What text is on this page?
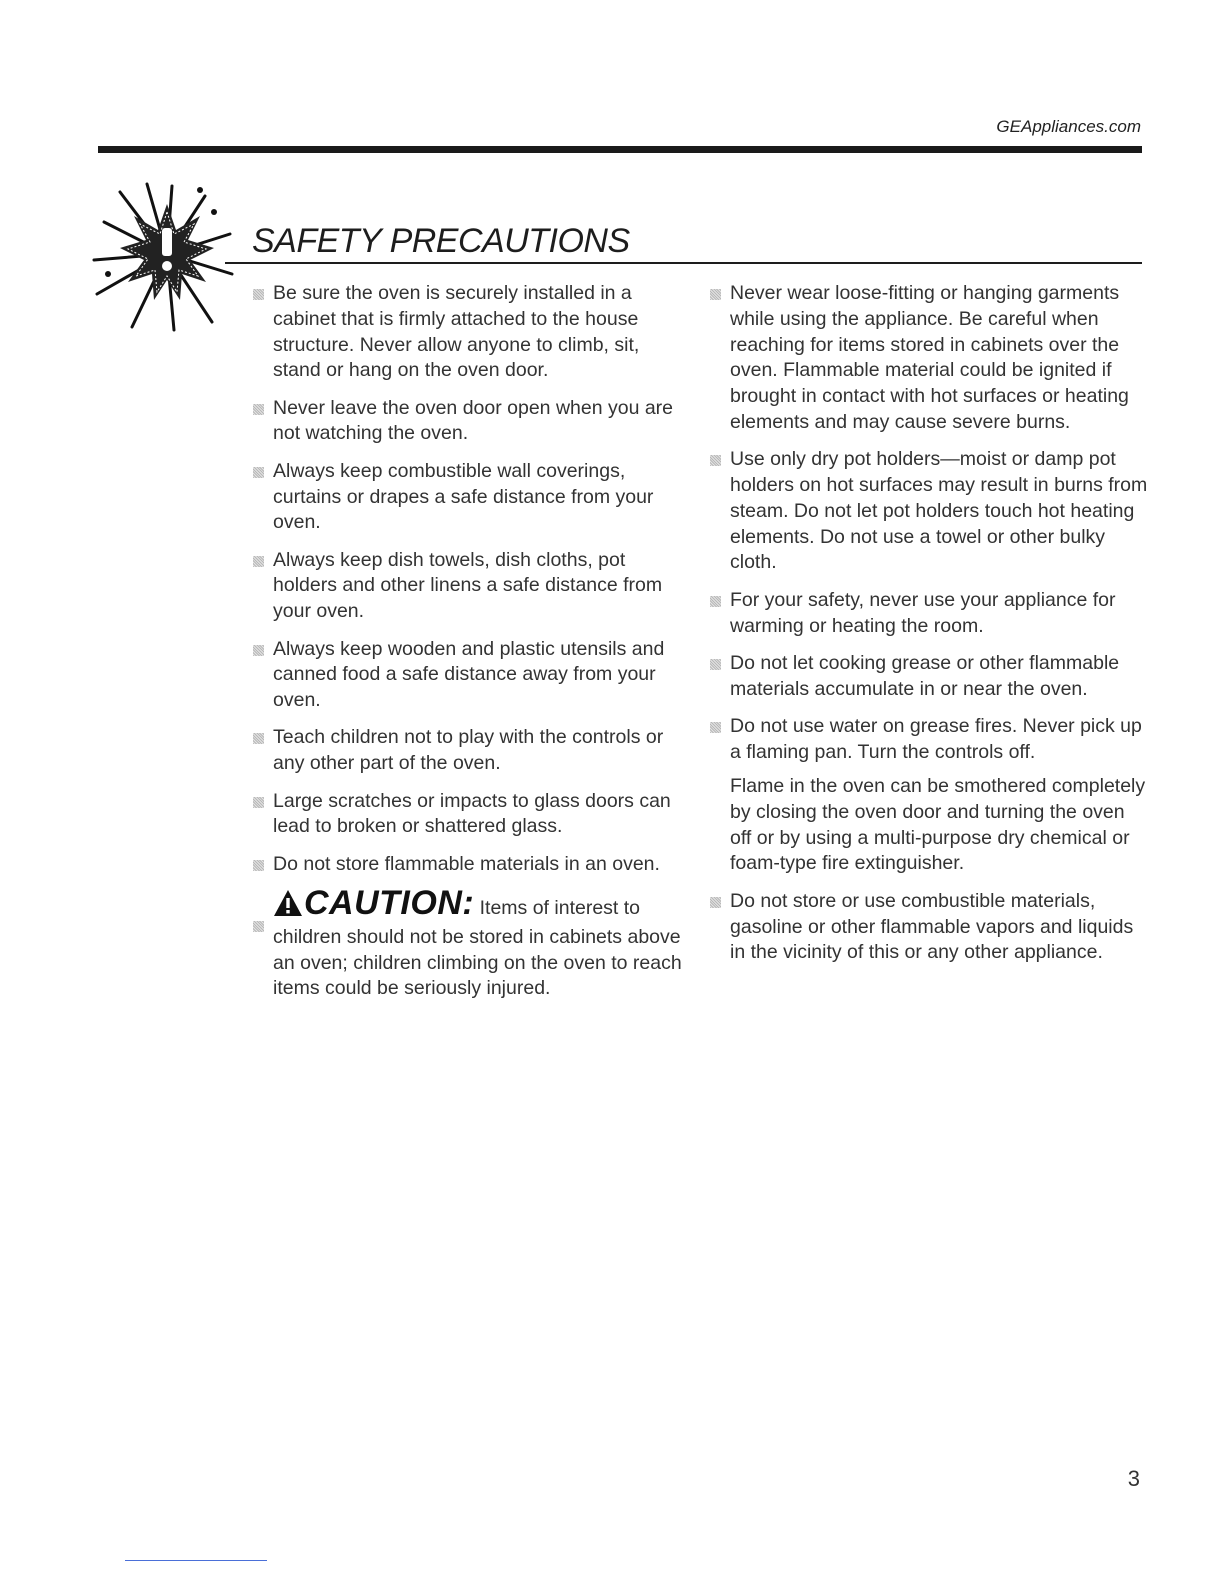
GEAppliances.com
SAFETY PRECAUTIONS
Be sure the oven is securely installed in a cabinet that is firmly attached to the house structure. Never allow anyone to climb, sit, stand or hang on the oven door.
Never leave the oven door open when you are not watching the oven.
Always keep combustible wall coverings, curtains or drapes a safe distance from your oven.
Always keep dish towels, dish cloths, pot holders and other linens a safe distance from your oven.
Always keep wooden and plastic utensils and canned food a safe distance away from your oven.
Teach children not to play with the controls or any other part of the oven.
Large scratches or impacts to glass doors can lead to broken or shattered glass.
Do not store flammable materials in an oven.
CAUTION: Items of interest to children should not be stored in cabinets above an oven; children climbing on the oven to reach items could be seriously injured.
Never wear loose-fitting or hanging garments while using the appliance. Be careful when reaching for items stored in cabinets over the oven. Flammable material could be ignited if brought in contact with hot surfaces or heating elements and may cause severe burns.
Use only dry pot holders—moist or damp pot holders on hot surfaces may result in burns from steam. Do not let pot holders touch hot heating elements. Do not use a towel or other bulky cloth.
For your safety, never use your appliance for warming or heating the room.
Do not let cooking grease or other flammable materials accumulate in or near the oven.
Do not use water on grease fires. Never pick up a flaming pan. Turn the controls off.
Flame in the oven can be smothered completely by closing the oven door and turning the oven off or by using a multi-purpose dry chemical or foam-type fire extinguisher.
Do not store or use combustible materials, gasoline or other flammable vapors and liquids in the vicinity of this or any other appliance.
3
